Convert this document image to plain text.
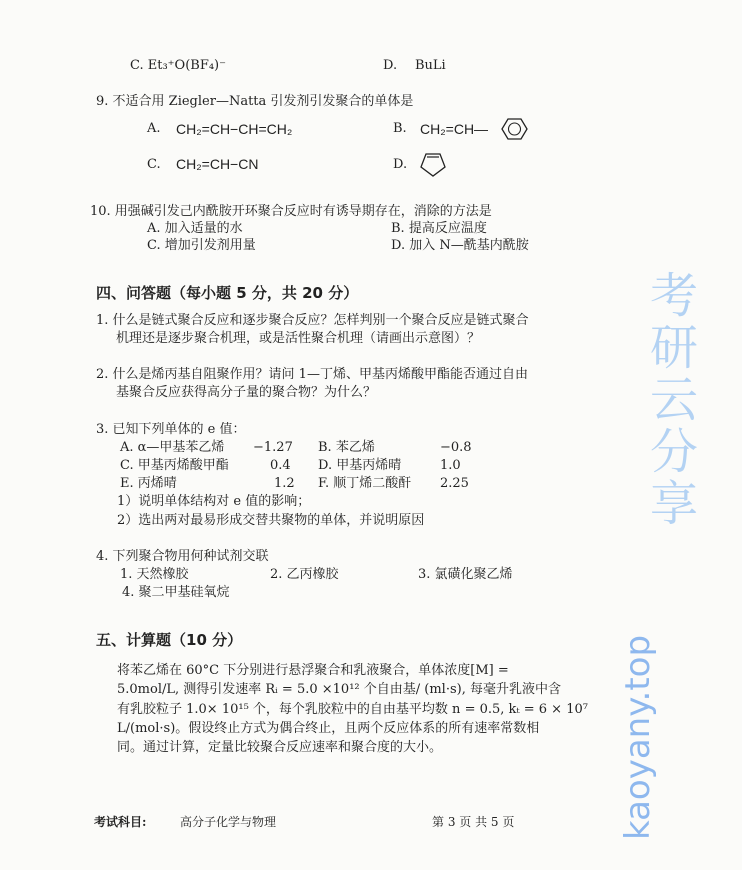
考研云分享
kaoyany.top
C. Et₃⁺O(BF₄)⁻	D. BuLi
9. 不适合用 Ziegler—Natta 引发剂引发聚合的单体是
A. CH₂=CH−CH=CH₂	B. CH₂=CH—
C. CH₂=CH−CN	D.
10. 用强碱引发己内酰胺开环聚合反应时有诱导期存在，消除的方法是
A. 加入适量的水	B. 提高反应温度
C. 增加引发剂用量	D. 加入 N—酰基内酰胺
四、问答题（每小题 5 分，共 20 分）
1. 什么是链式聚合反应和逐步聚合反应？怎样判别一个聚合反应是链式聚合
机理还是逐步聚合机理，或是活性聚合机理（请画出示意图）？
2. 什么是烯丙基自阻聚作用？请问 1—丁烯、甲基丙烯酸甲酯能否通过自由
基聚合反应获得高分子量的聚合物？为什么？
3. 已知下列单体的 e 值：
A. α—甲基苯乙烯 −1.27 B. 苯乙烯	−0.8
C. 甲基丙烯酸甲酯	0.4 D. 甲基丙烯晴	1.0
E. 丙烯晴	1.2 F. 顺丁烯二酸酐 2.25
1）说明单体结构对 e 值的影响；
2）选出两对最易形成交替共聚物的单体，并说明原因
4. 下列聚合物用何种试剂交联
1. 天然橡胶	2. 乙丙橡胶	3. 氯磺化聚乙烯
4. 聚二甲基硅氧烷
五、计算题（10 分）
将苯乙烯在 60°C 下分别进行悬浮聚合和乳液聚合，单体浓度[M] =
5.0mol/L, 测得引发速率 Rᵢ = 5.0 ×10¹² 个自由基/ (ml·s), 每毫升乳液中含
有乳胶粒子 1.0× 10¹⁵ 个，每个乳胶粒中的自由基平均数 n = 0.5, kₜ = 6 × 10⁷
L/(mol·s)。假设终止方式为偶合终止，且两个反应体系的所有速率常数相
同。通过计算，定量比较聚合反应速率和聚合度的大小。
考试科目:	高分子化学与物理	第 3 页 共 5 页
